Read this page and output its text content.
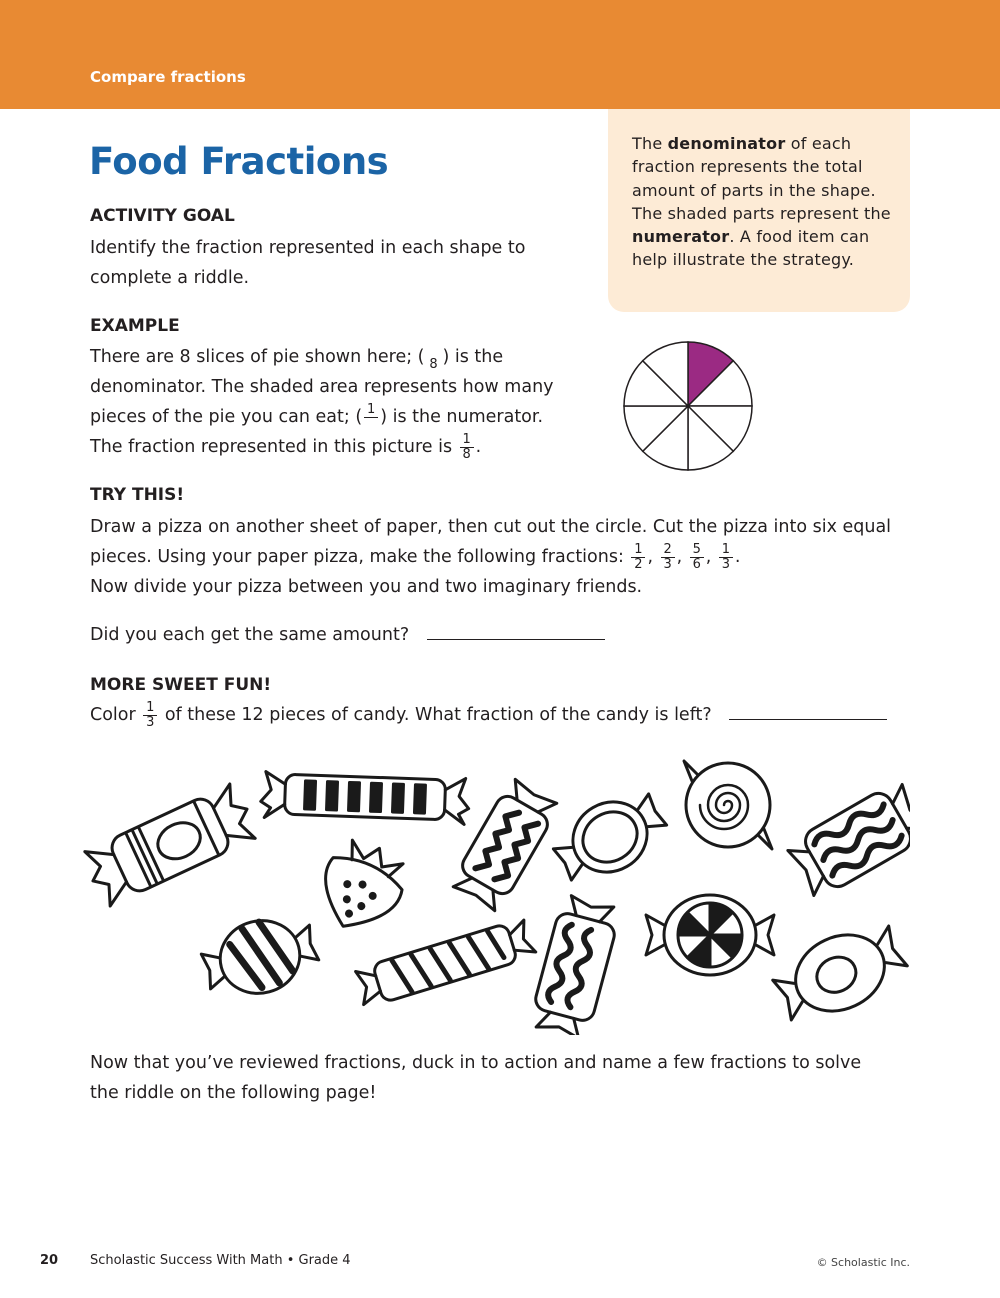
Compare fractions
Food Fractions	The denominator of each fraction represents the total amount of parts in the shape. The shaded parts represent the numerator. A food item can help illustrate the strategy.
ACTIVITY GOAL

Identify the fraction represented in each shape to complete a riddle.

EXAMPLE
There are 8 slices of pie shown here; ( 8 ) is the
denominator. The shaded area represents how many
pieces of the pie you can eat; ( 1 ) is the numerator.
The fraction represented in this picture is $\frac{1}{8}$ .
TRY THIS!
Draw a pizza on another sheet of paper, then cut out the circle. Cut the pizza into six equal
pieces. Using your paper pizza, make the following fractions: $\frac{1}{2}$ , $\frac{2}{3}$ , $\frac{5}{6}$ , $\frac{1}{3}$ .
Now divide your pizza between you and two imaginary friends.
Did you each get the same amount?
MORE SWEET FUN!
Color $\frac{1}{3}$ of these 12 pieces of candy. What fraction of the candy is left?
Now that you’ve reviewed fractions, duck in to action and name a few fractions to solve
the riddle on the following page!
20 Scholastic Success With Math • Grade 4	© Scholastic Inc.
